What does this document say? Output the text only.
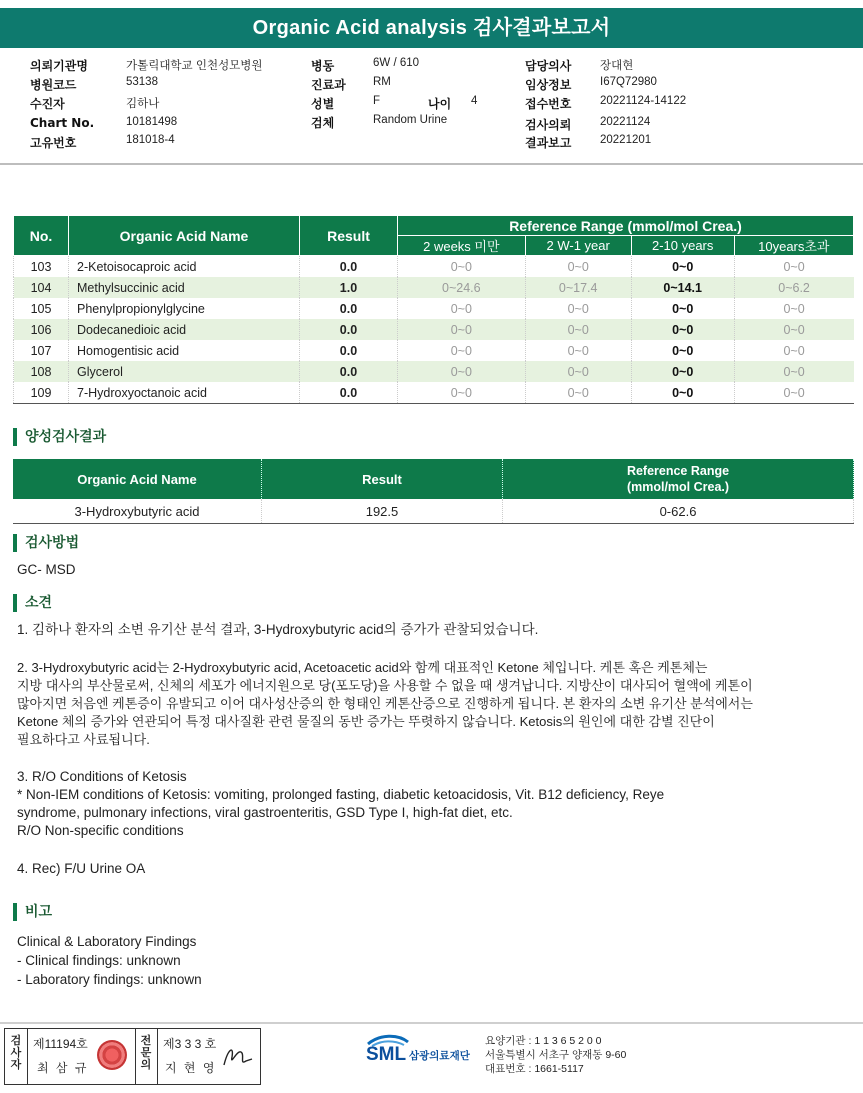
Organic Acid analysis 검사결과보고서
의뢰기관명	가톨릭대학교 인천성모병원
병원코드	53138
수진자	김하나
Chart No.	10181498
고유번호	181018-4
병동	6W / 610
진료과 RM
성별	F	나이 4
검체	Random Urine
담당의사 장대현
임상정보 I67Q72980
접수번호 20221124-14122
검사의뢰 20221124
결과보고 20221201
No.	Organic Acid Name	Result	Reference Range (mmol/mol Crea.)			
			2 weeks 미만	2 W-1 year	2-10 years	10years초과
103	2-Ketoisocaproic acid	0.0	0~0	0~0	0~0	0~0
104	Methylsuccinic acid	1.0	0~24.6	0~17.4	0~14.1	0~6.2
105	Phenylpropionylglycine	0.0	0~0	0~0	0~0	0~0
106	Dodecanedioic acid	0.0	0~0	0~0	0~0	0~0
107	Homogentisic acid	0.0	0~0	0~0	0~0	0~0
108	Glycerol	0.0	0~0	0~0	0~0	0~0
109	7-Hydroxyoctanoic acid	0.0	0~0	0~0	0~0	0~0
양성검사결과
Organic Acid Name	Result	Reference Range
(mmol/mol Crea.)

3-Hydroxybutyric acid	192.5	0-62.6
검사방법
GC- MSD
소견
1. 김하나 환자의 소변 유기산 분석 결과, 3-Hydroxybutyric acid의 증가가 관찰되었습니다.
2. 3-Hydroxybutyric acid는 2-Hydroxybutyric acid, Acetoacetic acid와 함께 대표적인 Ketone 체입니다. 케톤 혹은 케톤체는
지방 대사의 부산물로써, 신체의 세포가 에너지원으로 당(포도당)을 사용할 수 없을 때 생겨납니다. 지방산이 대사되어 혈액에 케톤이
많아지면 처음엔 케톤증이 유발되고 이어 대사성산증의 한 형태인 케톤산증으로 진행하게 됩니다. 본 환자의 소변 유기산 분석에서는
Ketone 체의 증가와 연관되어 특정 대사질환 관련 물질의 동반 증가는 뚜렷하지 않습니다. Ketosis의 원인에 대한 감별 진단이
필요하다고 사료됩니다.
3. R/O Conditions of Ketosis
* Non-IEM conditions of Ketosis: vomiting, prolonged fasting, diabetic ketoacidosis, Vit. B12 deficiency, Reye
syndrome, pulmonary infections, viral gastroenteritis, GSD Type I, high-fat diet, etc.
R/O Non-specific conditions
4. Rec) F/U Urine OA
비고
Clinical & Laboratory Findings
- Clinical findings: unknown
- Laboratory findings: unknown
검사자
제11194호
최 삼 규
전문의
제3 3 3 호
지 현 영
SML 삼광의료재단
요양기관 : 1 1 3 6 5 2 0 0
서울특별시 서초구 양재동 9-60
대표번호 : 1661-5117
